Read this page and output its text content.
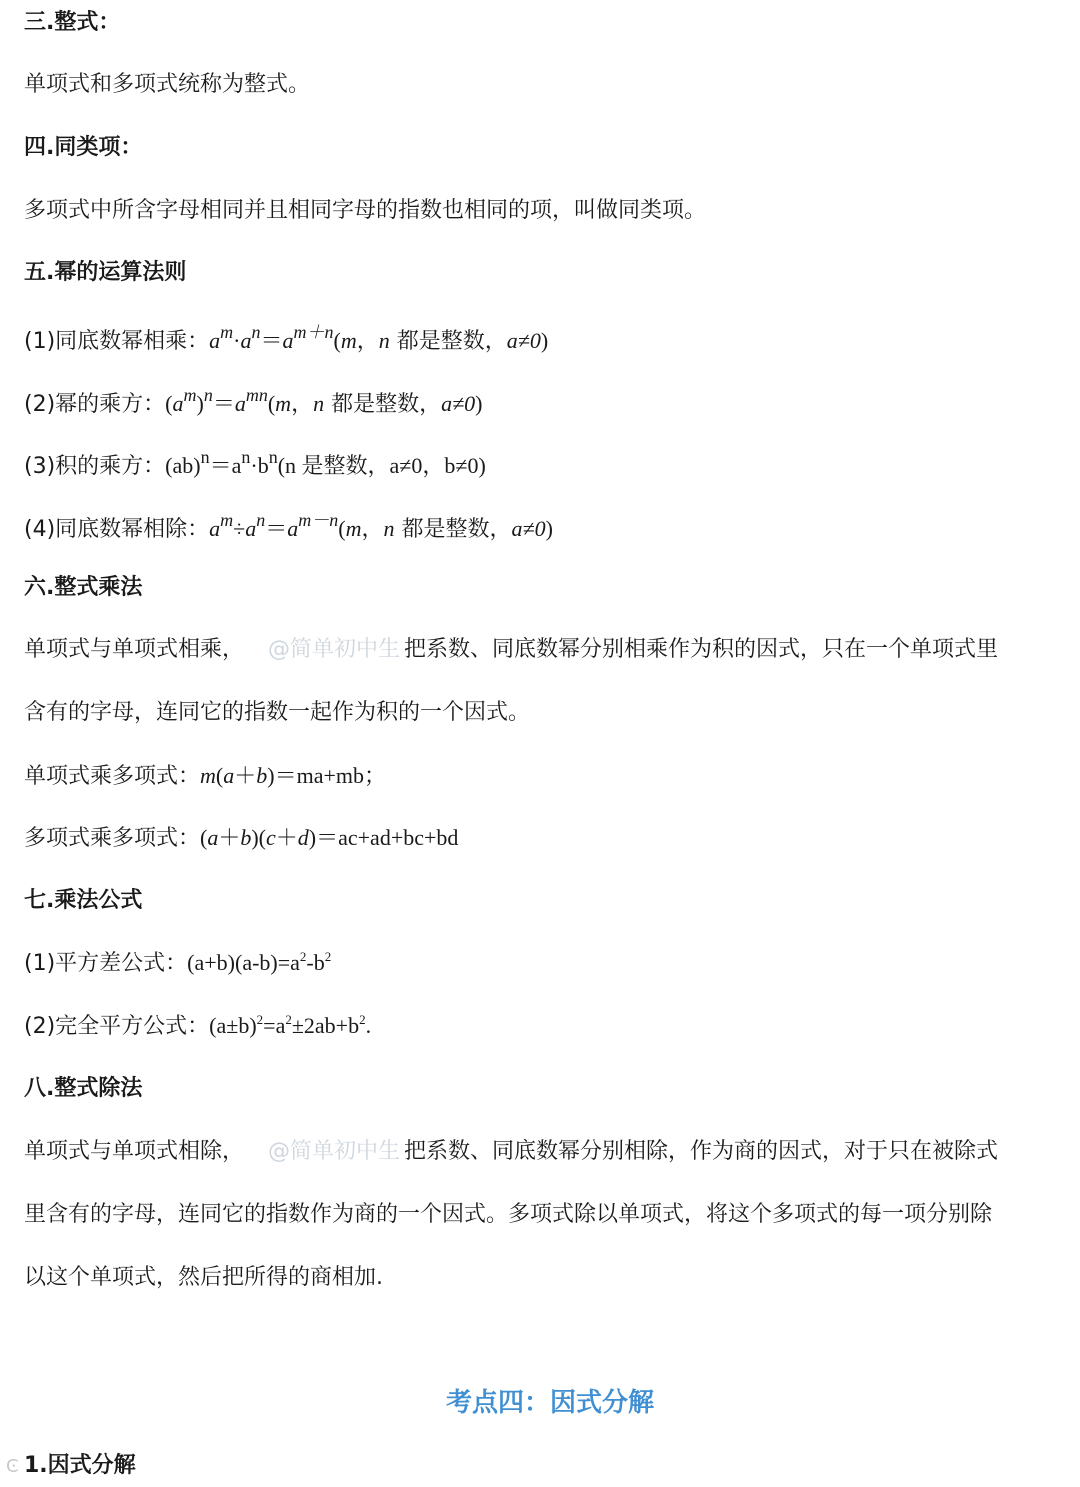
三.整式：
单项式和多项式统称为整式。
四.同类项：
多项式中所含字母相同并且相同字母的指数也相同的项，叫做同类项。
五.幂的运算法则
(1)同底数幂相乘：$a^m\cdot a^n=a^{m+n}(m$，n 都是整数，a≠0)
(2)幂的乘方：$(a^m)^n=a^{mn}(m$，n 都是整数，a≠0)
(3)积的乘方：$(ab)^n=a^n\cdot b^n(n$ 是整数，a≠0，b≠0)
(4)同底数幂相除：$a^m\div a^n=a^{m-n}(m$，n 都是整数，a≠0)
六.整式乘法
单项式与单项式相乘， @简单初中生 把系数、同底数幂分别相乘作为积的因式，只在一个单项式里
含有的字母，连同它的指数一起作为积的一个因式。
单项式乘多项式：m(a＋b)＝ma+mb；
多项式乘多项式：(a＋b)(c＋d)＝ac+ad+bc+bd
七.乘法公式
(1)平方差公式：$(a+b)(a-b)=a^2-b^2$
(2)完全平方公式：$(a\pm b)^2=a^2\pm 2ab+b^2$.
八.整式除法
单项式与单项式相除， @简单初中生 把系数、同底数幂分别相除，作为商的因式，对于只在被除式
里含有的字母，连同它的指数作为商的一个因式。多项式除以单项式，将这个多项式的每一项分别除
以这个单项式，然后把所得的商相加.
考点四：因式分解
1.因式分解
Ͼ
